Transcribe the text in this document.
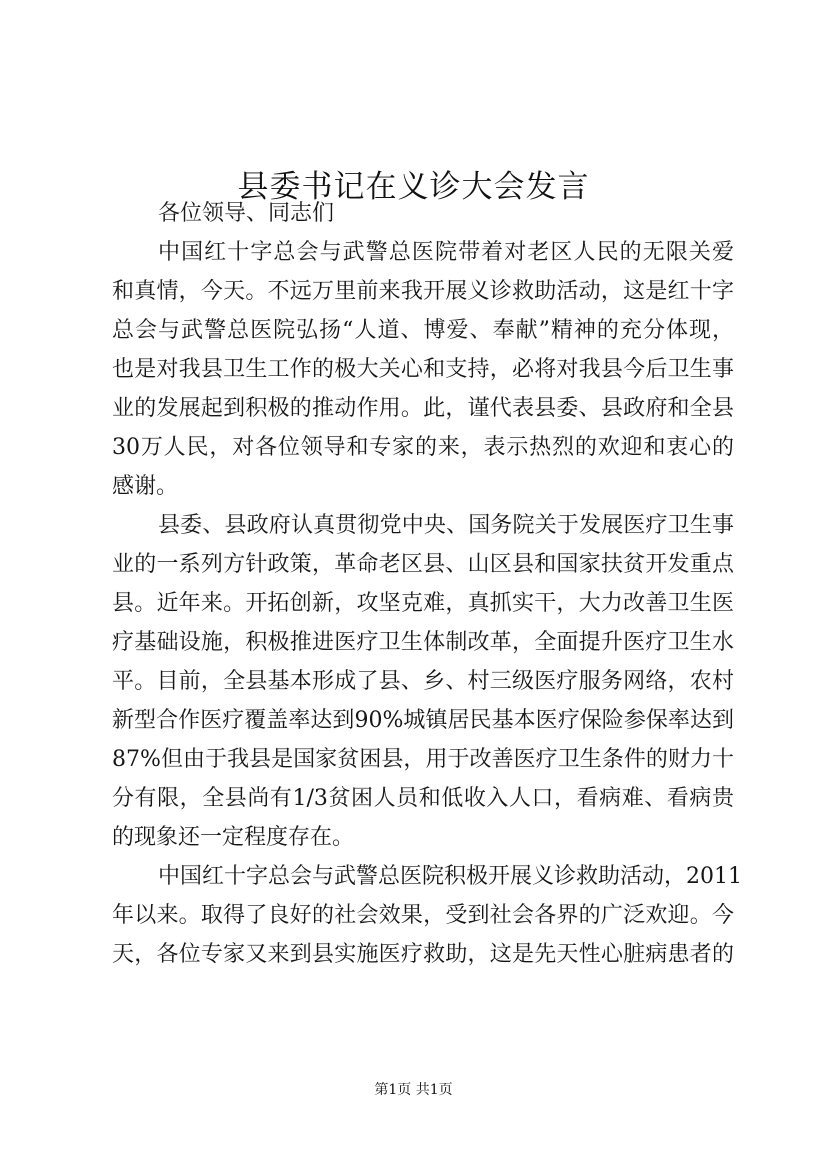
县委书记在义诊大会发言

各位领导、同志们

中国红十字总会与武警总医院带着对老区人民的无限关爱
和真情，今天。不远万里前来我开展义诊救助活动，这是红十字
总会与武警总医院弘扬“人道、博爱、奉献”精神的充分体现，
也是对我县卫生工作的极大关心和支持，必将对我县今后卫生事
业的发展起到积极的推动作用。此，谨代表县委、县政府和全县
30万人民，对各位领导和专家的来，表示热烈的欢迎和衷心的
感谢。
县委、县政府认真贯彻党中央、国务院关于发展医疗卫生事
业的一系列方针政策，革命老区县、山区县和国家扶贫开发重点
县。近年来。开拓创新，攻坚克难，真抓实干，大力改善卫生医
疗基础设施，积极推进医疗卫生体制改革，全面提升医疗卫生水
平。目前，全县基本形成了县、乡、村三级医疗服务网络，农村
新型合作医疗覆盖率达到90%城镇居民基本医疗保险参保率达到
87%但由于我县是国家贫困县，用于改善医疗卫生条件的财力十
分有限，全县尚有1/3贫困人员和低收入人口，看病难、看病贵
的现象还一定程度存在。
中国红十字总会与武警总医院积极开展义诊救助活动，2011
年以来。取得了良好的社会效果，受到社会各界的广泛欢迎。今
天，各位专家又来到县实施医疗救助，这是先天性心脏病患者的
第1页 共1页
